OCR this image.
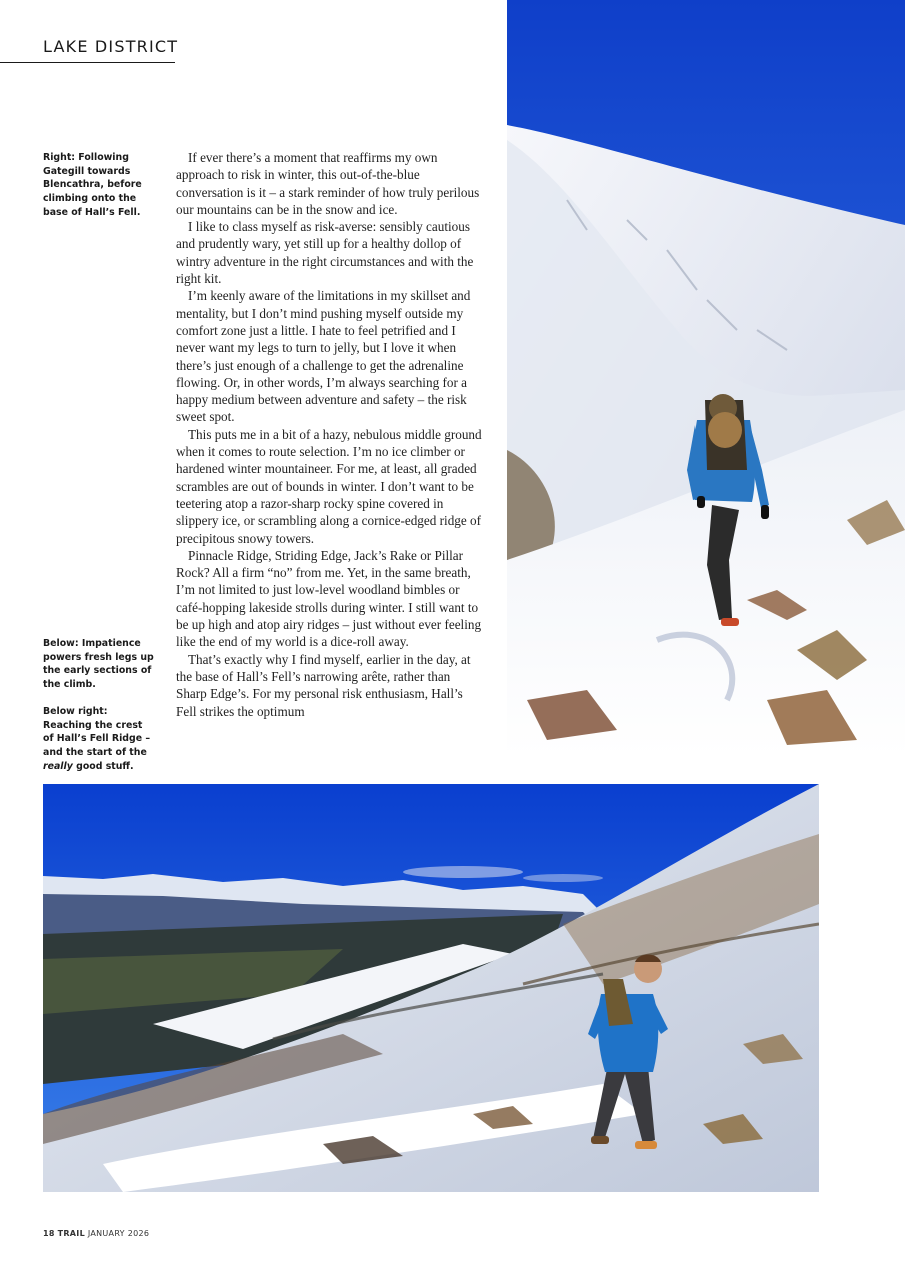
LAKE DISTRICT
Right: Following Gategill towards Blencathra, before climbing onto the base of Hall’s Fell.
Below: Impatience powers fresh legs up the early sections of the climb.
Below right: Reaching the crest of Hall’s Fell Ridge – and the start of the really good stuff.

If ever there’s a moment that reaffirms my own approach to risk in winter, this out-of-the-blue conversation is it – a stark reminder of how truly perilous our mountains can be in the snow and ice.

I like to class myself as risk-averse: sensibly cautious and prudently wary, yet still up for a healthy dollop of wintry adventure in the right circumstances and with the right kit.

I’m keenly aware of the limitations in my skillset and mentality, but I don’t mind pushing myself outside my comfort zone just a little. I hate to feel petrified and I never want my legs to turn to jelly, but I love it when there’s just enough of a challenge to get the adrenaline flowing. Or, in other words, I’m always searching for a happy medium between adventure and safety – the risk sweet spot.

This puts me in a bit of a hazy, nebulous middle ground when it comes to route selection. I’m no ice climber or hardened winter mountaineer. For me, at least, all graded scrambles are out of bounds in winter. I don’t want to be teetering atop a razor-sharp rocky spine covered in slippery ice, or scrambling along a cornice-edged ridge of precipitous snowy towers.

Pinnacle Ridge, Striding Edge, Jack’s Rake or Pillar Rock? All a firm “no” from me. Yet, in the same breath, I’m not limited to just low-level woodland bimbles or café-hopping lakeside strolls during winter. I still want to be up high and atop airy ridges – just without ever feeling like the end of my world is a dice-roll away.

That’s exactly why I find myself, earlier in the day, at the base of Hall’s Fell’s narrowing arête, rather than Sharp Edge’s. For my personal risk enthusiasm, Hall’s Fell strikes the optimum

18 TRAIL JANUARY 2026
